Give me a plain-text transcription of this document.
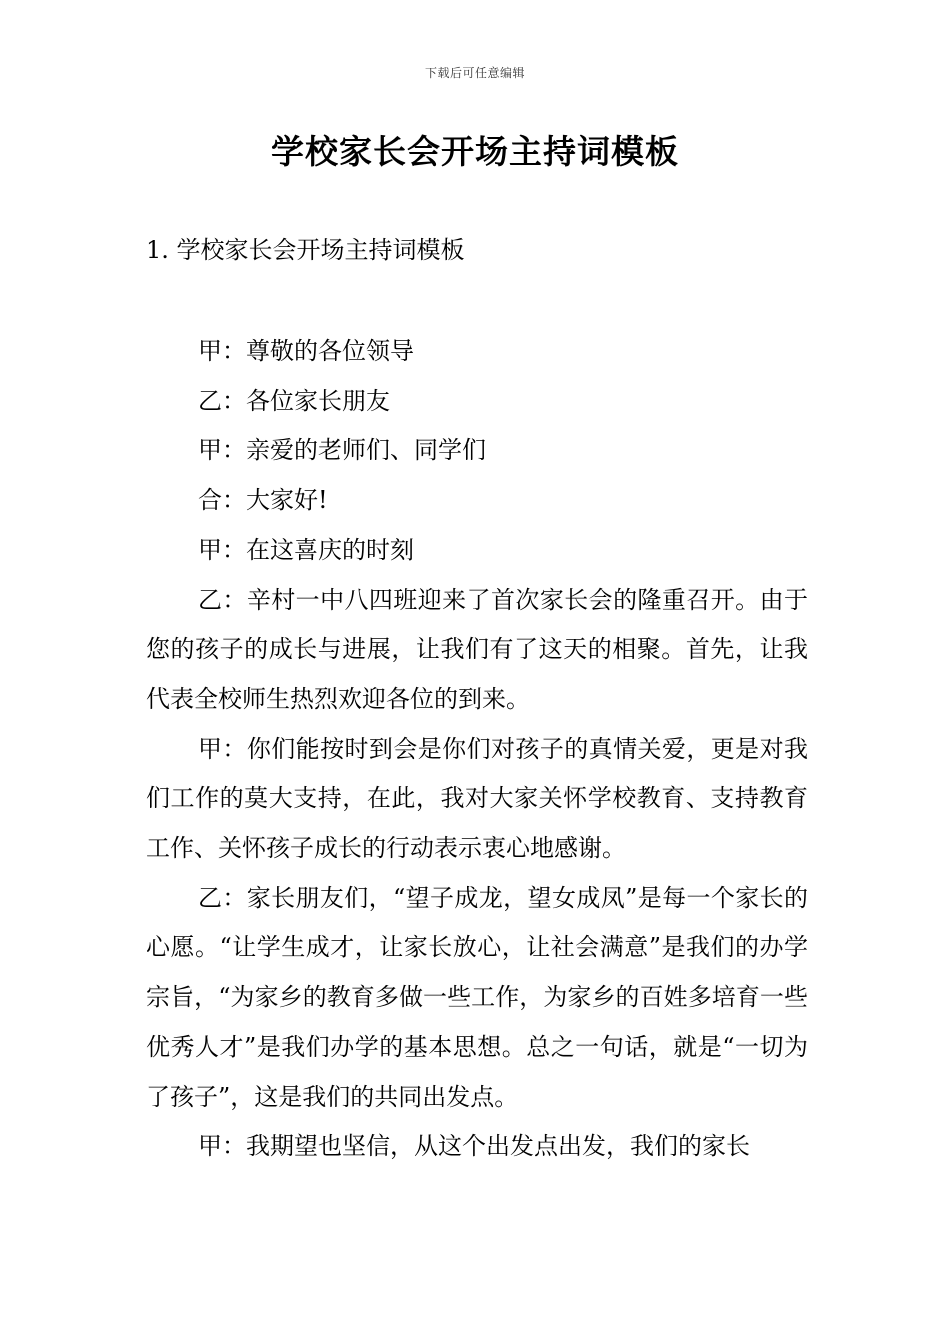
下载后可任意编辑
学校家长会开场主持词模板

1. 学校家长会开场主持词模板

甲：尊敬的各位领导

乙：各位家长朋友

甲：亲爱的老师们、同学们

合：大家好!

甲：在这喜庆的时刻

乙：辛村一中八四班迎来了首次家长会的隆重召开。由于您的孩子的成长与进展，让我们有了这天的相聚。首先，让我代表全校师生热烈欢迎各位的到来。

甲：你们能按时到会是你们对孩子的真情关爱，更是对我们工作的莫大支持，在此，我对大家关怀学校教育、支持教育工作、关怀孩子成长的行动表示衷心地感谢。

乙：家长朋友们，“望子成龙，望女成凤”是每一个家长的心愿。“让学生成才，让家长放心，让社会满意”是我们的办学宗旨，“为家乡的教育多做一些工作，为家乡的百姓多培育一些优秀人才”是我们办学的基本思想。总之一句话，就是“一切为了孩子”，这是我们的共同出发点。

甲：我期望也坚信，从这个出发点出发，我们的家长
